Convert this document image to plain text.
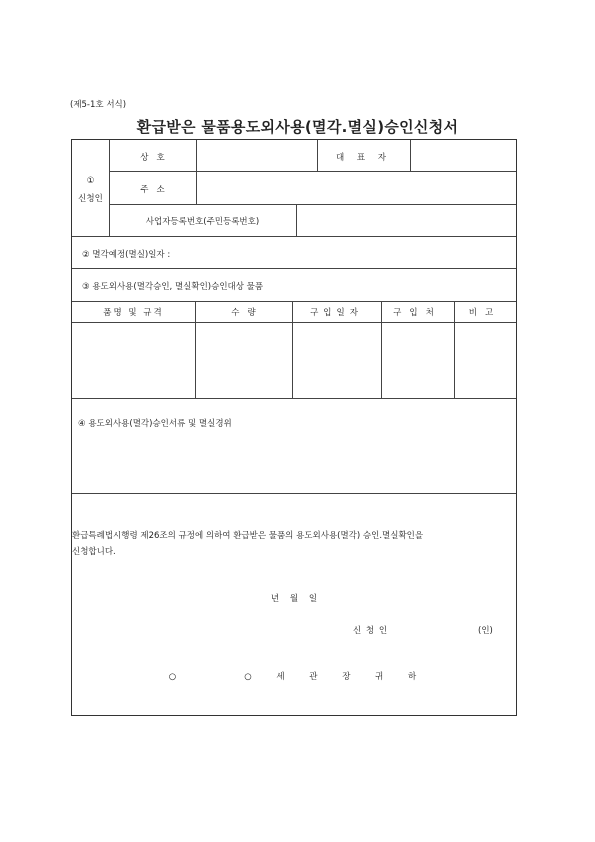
(제5-1호 서식)
환급받은 물품용도외사용(멸각.멸실)승인신청서
①
신청인
상   호	대 표 자
주   소
사업자등록번호(주민등록번호)
② 멸각예정(멸실)일자 :
③ 용도외사용(멸각승인, 멸실확인)승인대상 물품
품명 및 규격	수   량	구입일자	구입처	비고
④ 용도외사용(멸각)승인서류 및 멸실경위
환급특례법시행령 제26조의 규정에 의하여 환급받은 물품의 용도외사용(멸각) 승인.멸실확인을
신청합니다.
년    월    일
신 청 인	(인)
○   ○ 세 관 장 귀 하
